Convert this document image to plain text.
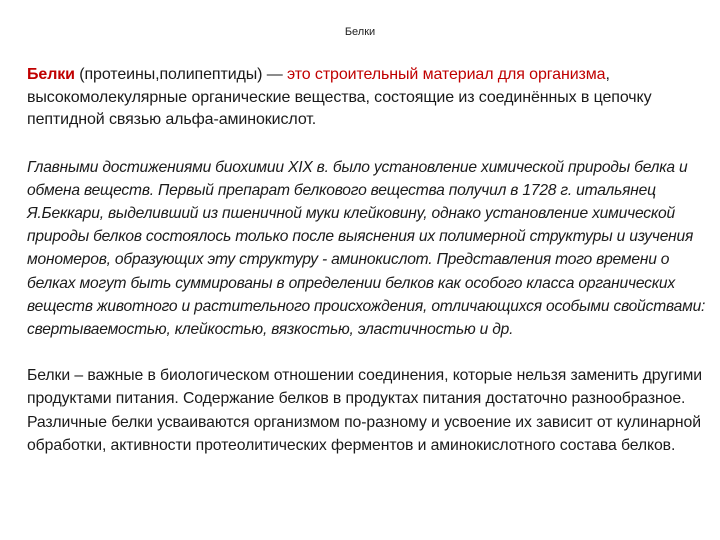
Белки

Белки (протеины,полипептиды) — это строительный материал для организма, высокомолекулярные органические вещества, состоящие из соединённых в цепочку пептидной связью альфа-аминокислот.

Главными достижениями биохимии XIX в. было установление химической природы белка и обмена веществ. Первый препарат белкового вещества получил в 1728 г. итальянец Я.Беккари, выделивший из пшеничной муки клейковину, однако установление химической природы белков состоялось только после выяснения их полимерной структуры и изучения мономеров, образующих эту структуру - аминокислот. Представления того времени о белках могут быть суммированы в определении белков как особого класса органических веществ животного и растительного происхождения, отличающихся особыми свойствами: свертываемостью, клейкостью, вязкостью, эластичностью и др.

Белки – важные в биологическом отношении соединения, которые нельзя заменить другими продуктами питания. Содержание белков в продуктах питания достаточно разнообразное. Различные белки усваиваются организмом по-разному и усвоение их зависит от кулинарной обработки, активности протеолитических ферментов и аминокислотного состава белков.
